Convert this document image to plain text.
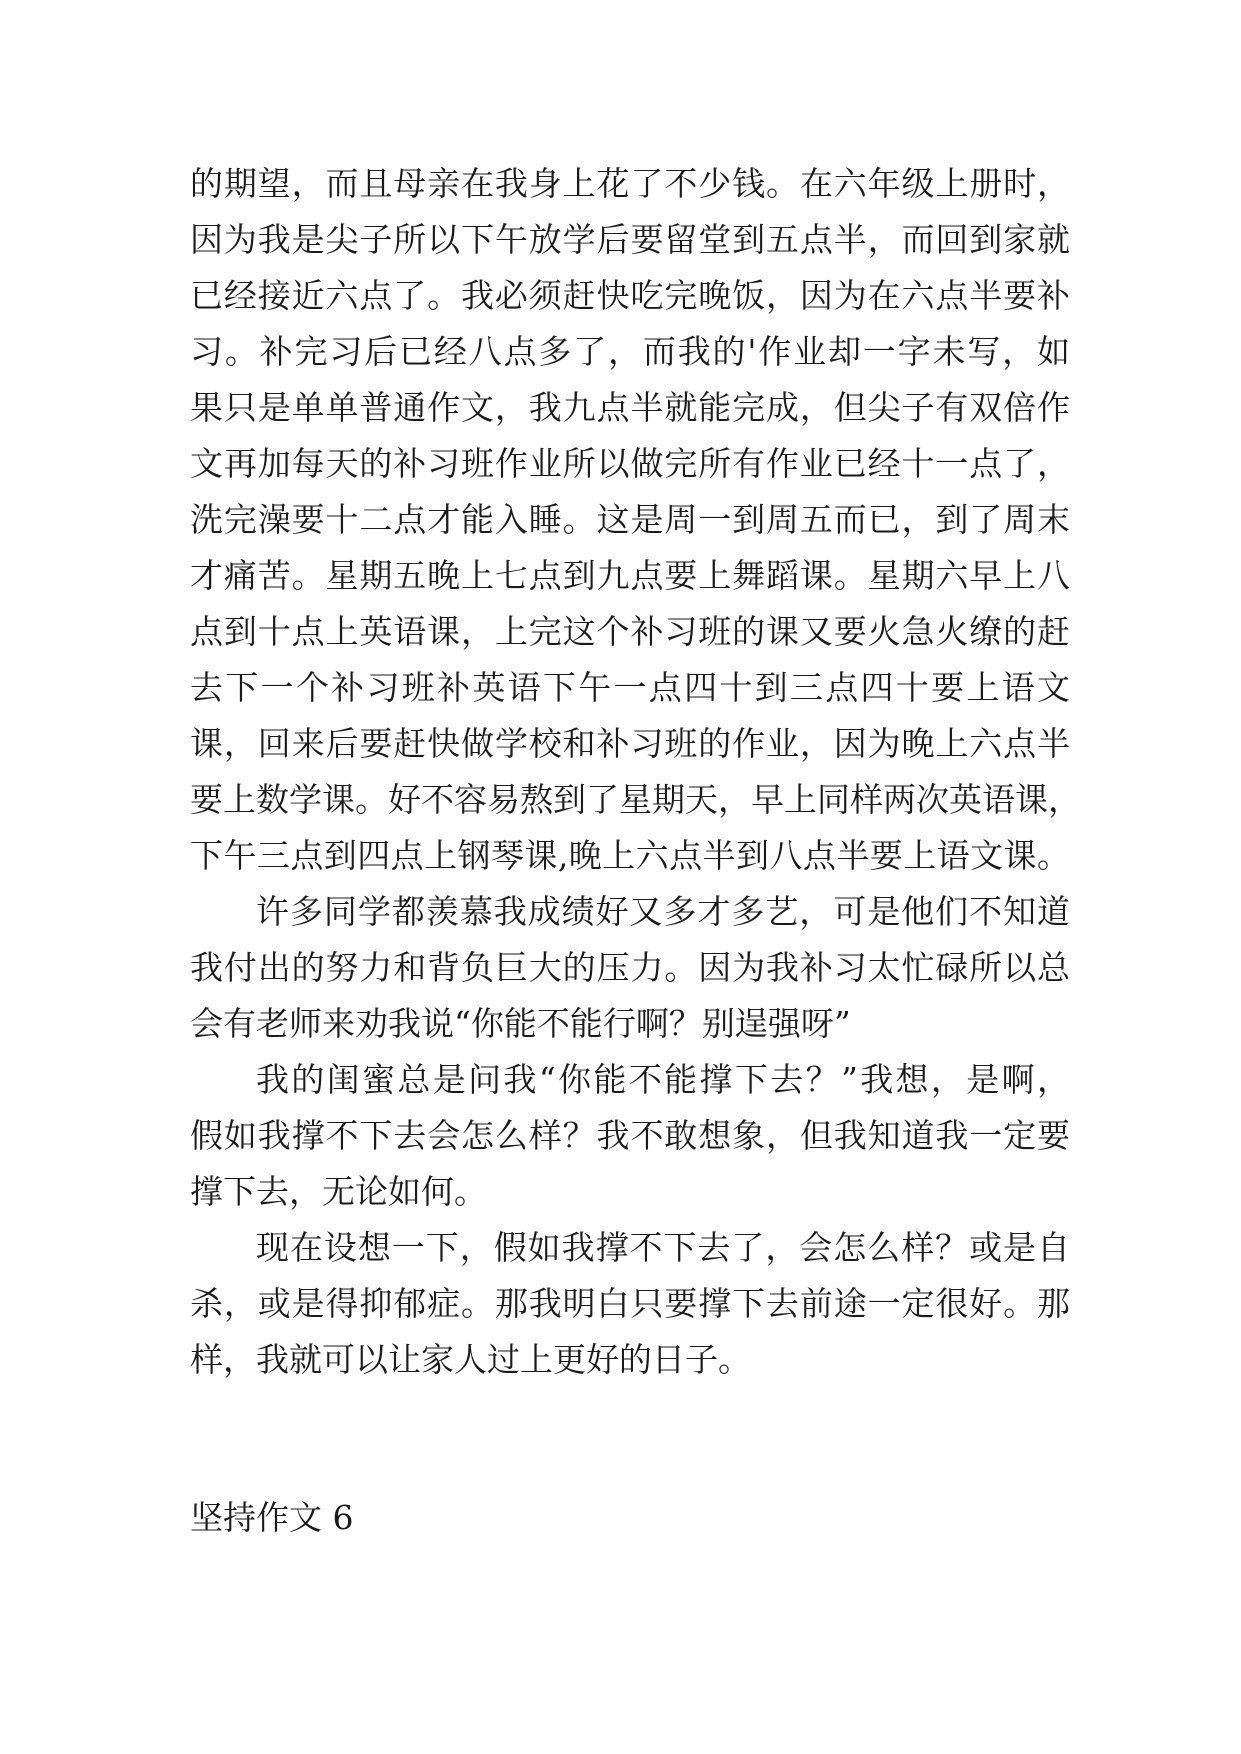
的期望，而且母亲在我身上花了不少钱。在六年级上册时，
因为我是尖子所以下午放学后要留堂到五点半，而回到家就
已经接近六点了。我必须赶快吃完晚饭，因为在六点半要补
习。补完习后已经八点多了，而我的'作业却一字未写，如
果只是单单普通作文，我九点半就能完成，但尖子有双倍作
文再加每天的补习班作业所以做完所有作业已经十一点了，
洗完澡要十二点才能入睡。这是周一到周五而已，到了周末
才痛苦。星期五晚上七点到九点要上舞蹈课。星期六早上八
点到十点上英语课，上完这个补习班的课又要火急火缭的赶
去下一个补习班补英语下午一点四十到三点四十要上语文
课，回来后要赶快做学校和补习班的作业，因为晚上六点半
要上数学课。好不容易熬到了星期天，早上同样两次英语课，
下午三点到四点上钢琴课,晚上六点半到八点半要上语文课。
许多同学都羡慕我成绩好又多才多艺，可是他们不知道
我付出的努力和背负巨大的压力。因为我补习太忙碌所以总
会有老师来劝我说“你能不能行啊？别逞强呀”
我的闺蜜总是问我“你能不能撑下去？”我想，是啊，
假如我撑不下去会怎么样？我不敢想象，但我知道我一定要
撑下去，无论如何。
现在设想一下，假如我撑不下去了，会怎么样？或是自
杀，或是得抑郁症。那我明白只要撑下去前途一定很好。那
样，我就可以让家人过上更好的日子。
坚持作文 6
